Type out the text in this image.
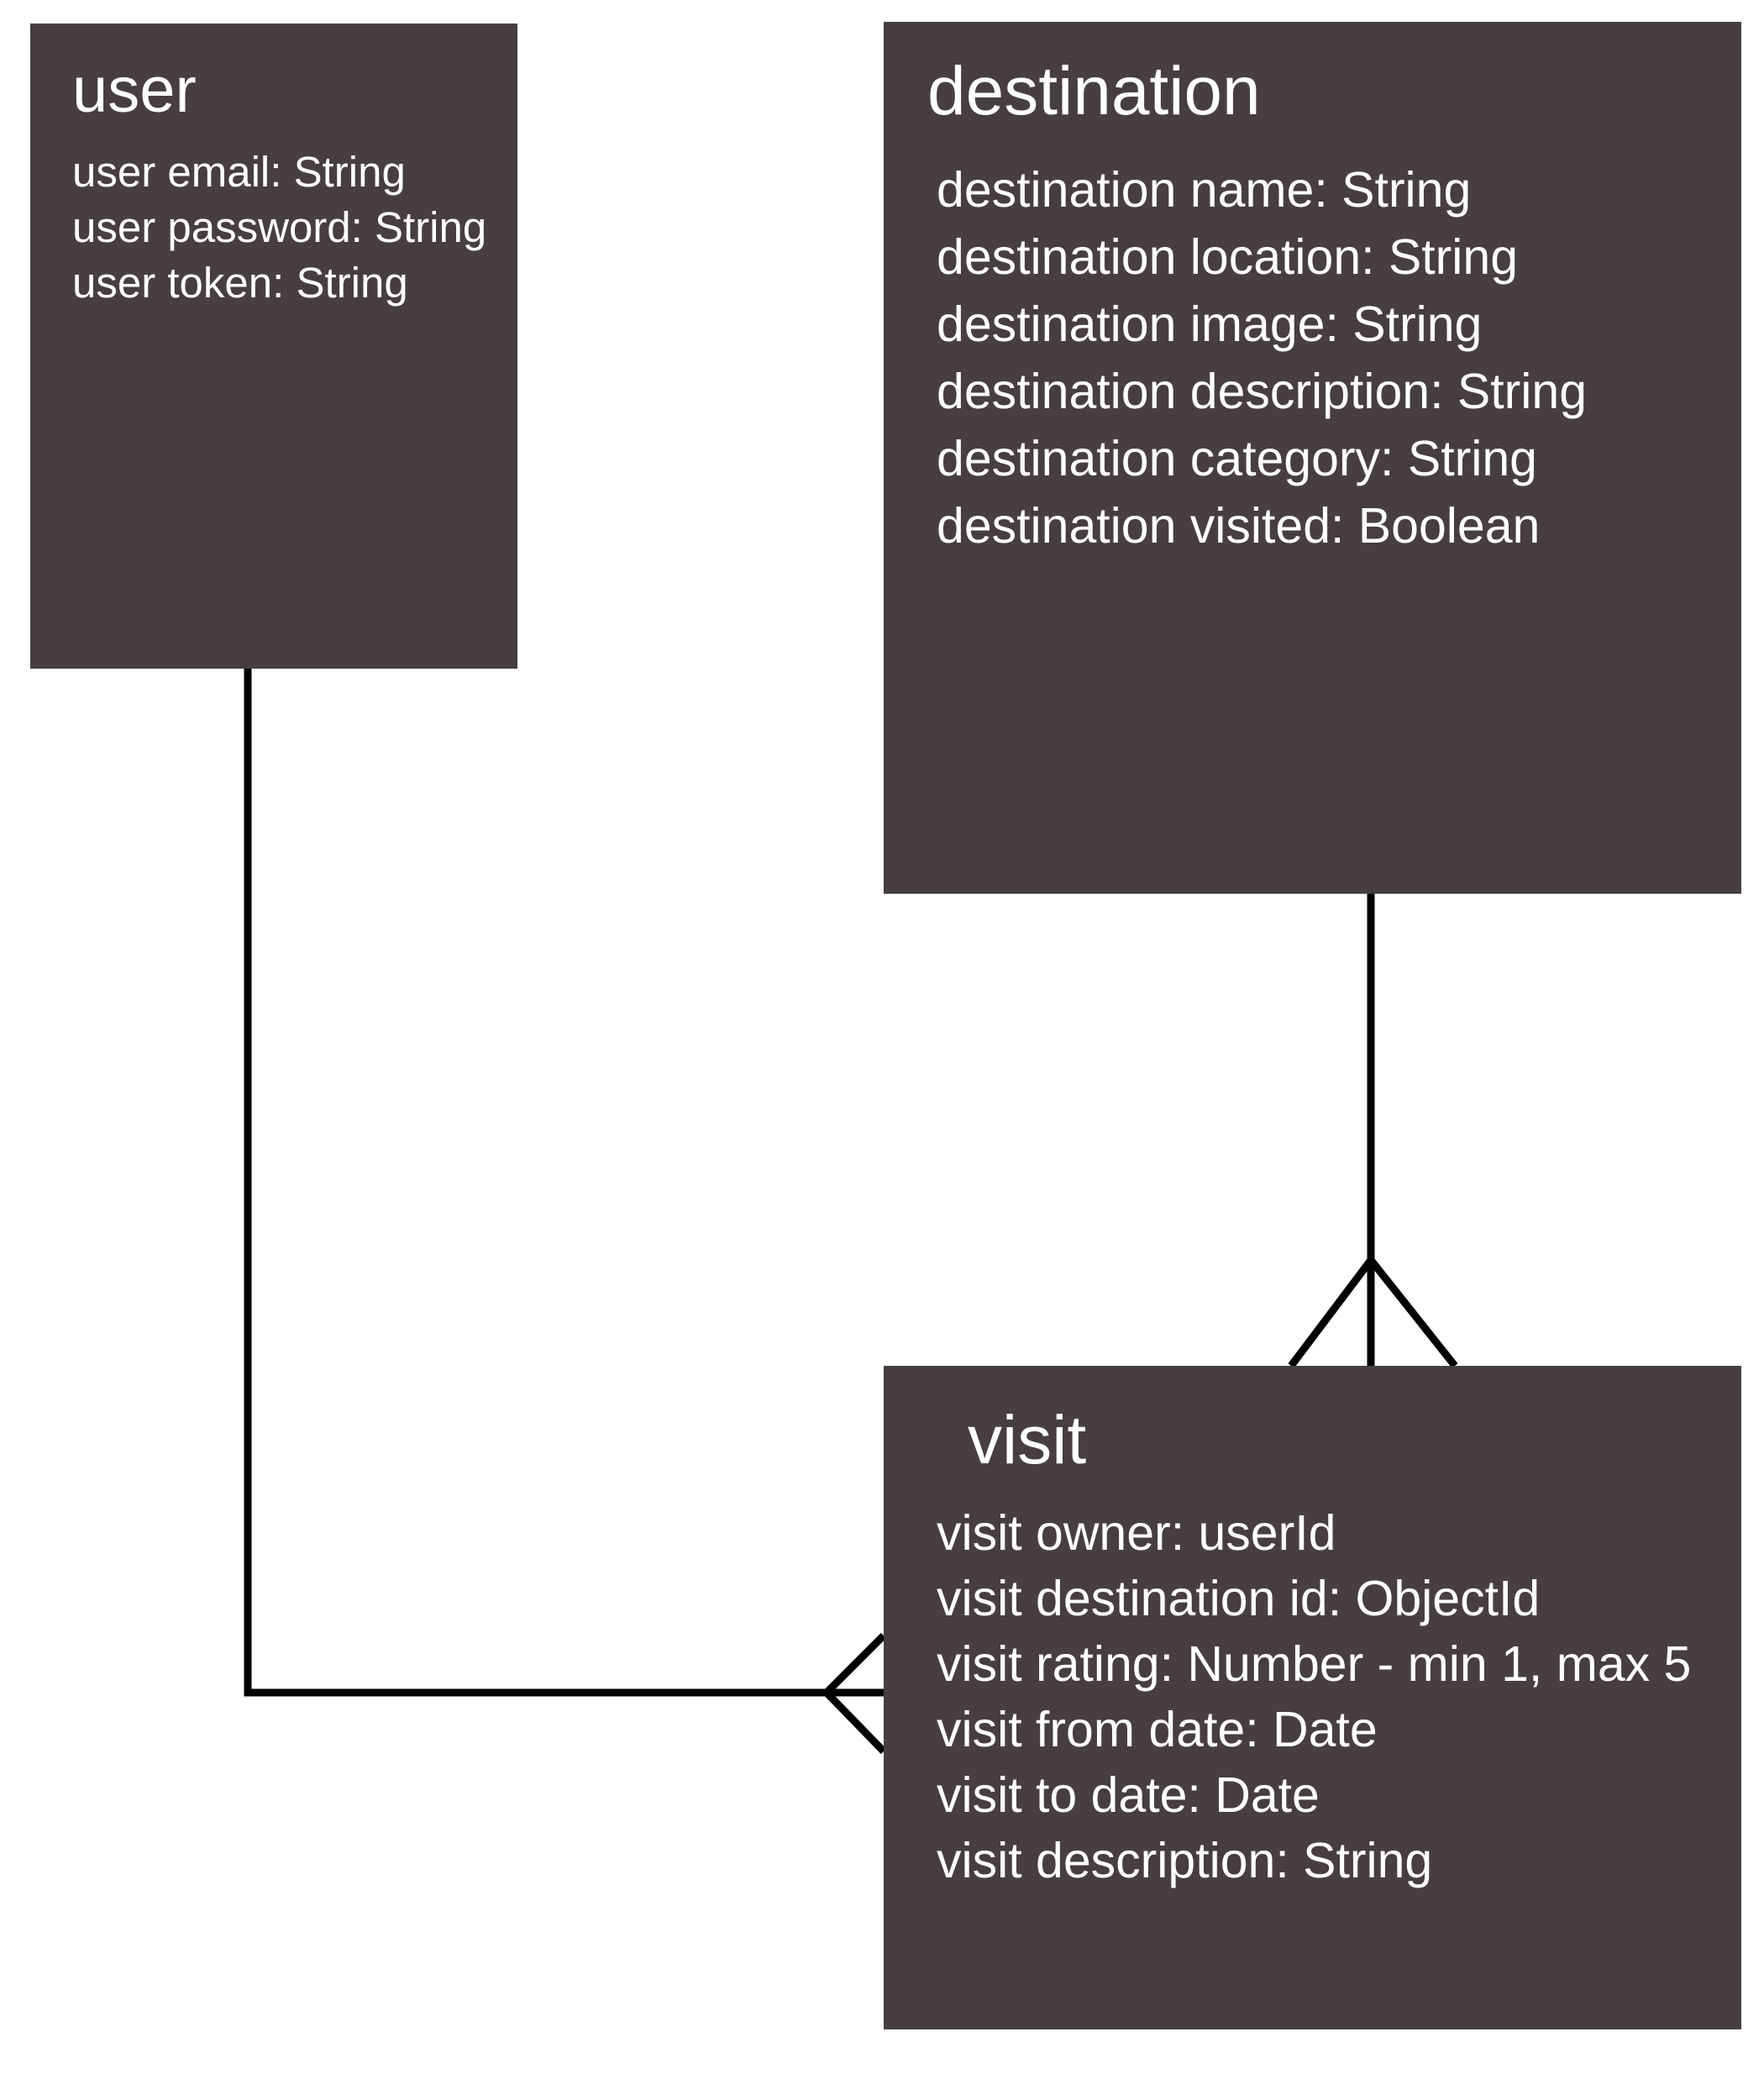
user
user email: String
user password: String
user token: String
destination
destination name: String
destination location: String
destination image: String
destination description: String
destination category: String
destination visited: Boolean
visit
visit owner: userId
visit destination id: ObjectId
visit rating: Number - min 1, max 5
visit from date: Date
visit to date: Date
visit description: String
